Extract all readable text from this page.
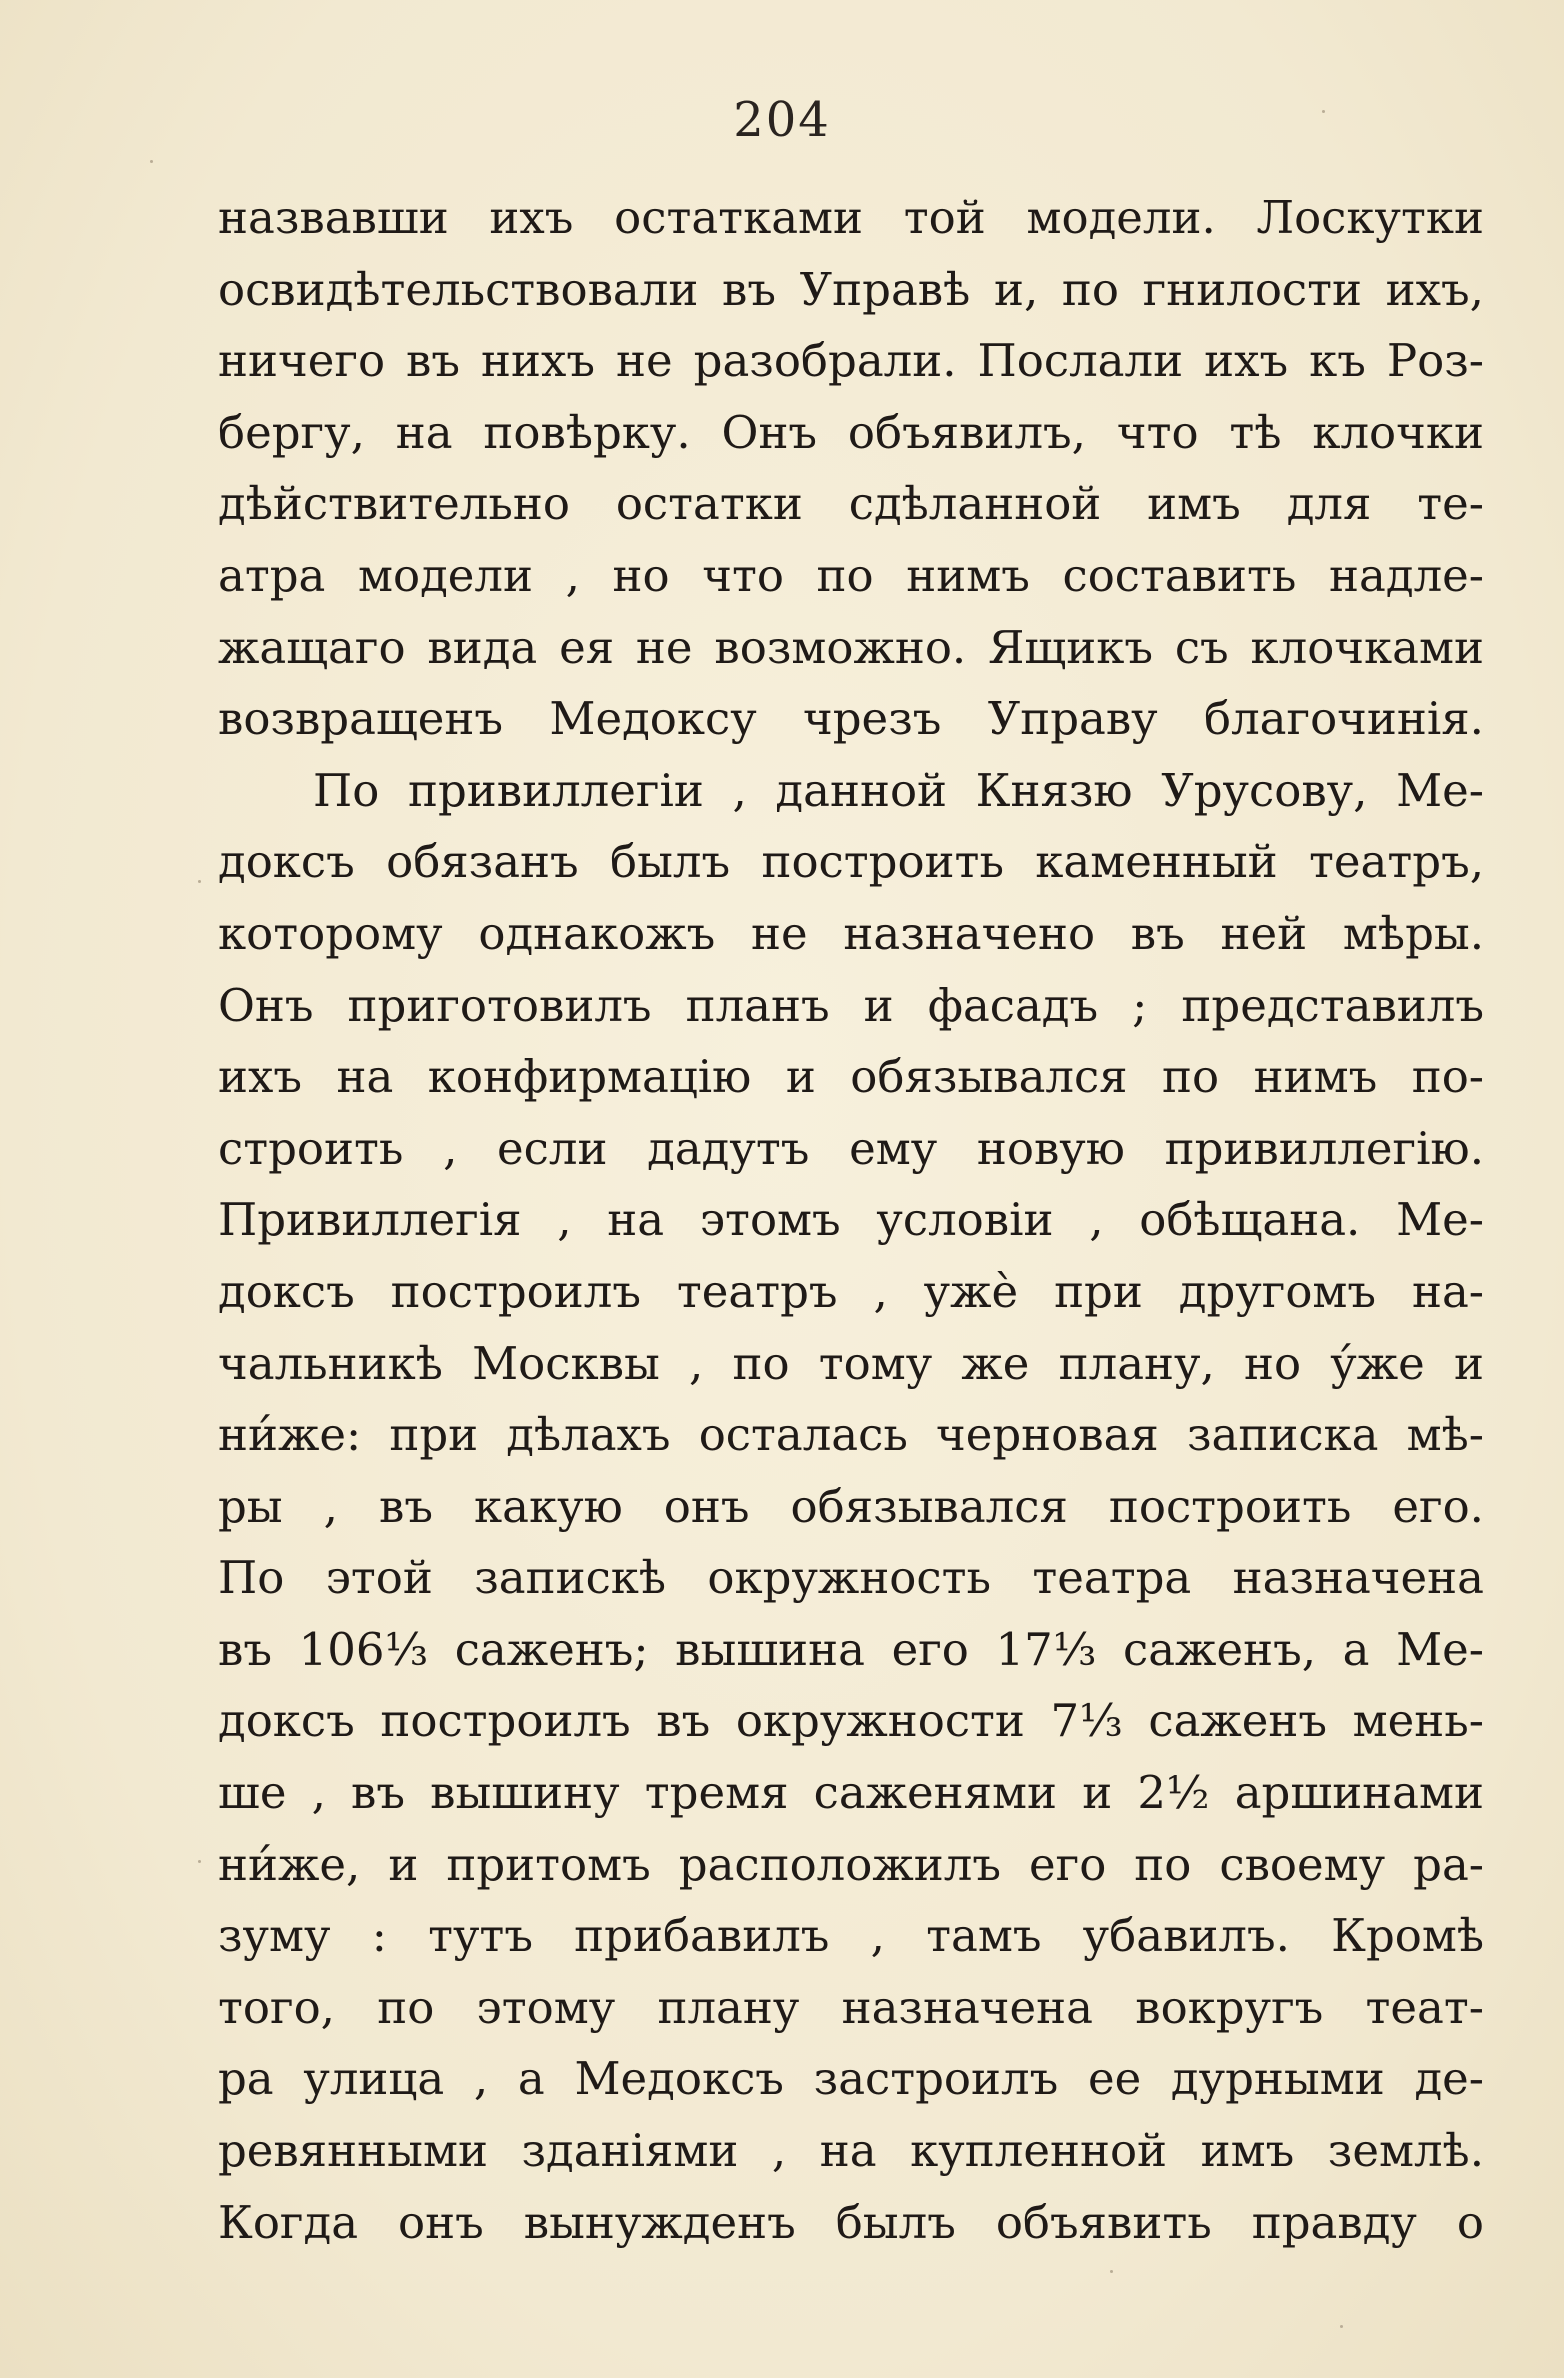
204
назвавши ихъ остатками той модели. Лоскутки
освидѣтельствовали въ Управѣ и, по гнилости ихъ,
ничего въ нихъ не разобрали. Послали ихъ къ Роз-
бергу, на повѣрку. Онъ объявилъ, что тѣ клочки
дѣйствительно остатки сдѣланной имъ для те-
атра модели , но что по нимъ составить надле-
жащаго вида ея не возможно. Ящикъ съ клочками
возвращенъ Медоксу чрезъ Управу благочинія.
По привиллегіи , данной Князю Урусову, Ме-
доксъ обязанъ былъ построить каменный театръ,
которому однакожъ не назначено въ ней мѣры.
Онъ приготовилъ планъ и фасадъ ; представилъ
ихъ на конфирмацію и обязывался по нимъ по-
строить , если дадутъ ему новую привиллегію.
Привиллегія , на этомъ условіи , обѣщана. Ме-
доксъ построилъ театръ , ужè при другомъ на-
чальникѣ Москвы , по тому же плану, но у́же и
ни́же: при дѣлахъ осталась черновая записка мѣ-
ры , въ какую онъ обязывался построить его.
По этой запискѣ окружность театра назначена
въ 106⅓ саженъ; вышина его 17⅓ саженъ, а Ме-
доксъ построилъ въ окружности 7⅓ саженъ мень-
ше , въ вышину тремя саженями и 2½ аршинами
ни́же, и притомъ расположилъ его по своему ра-
зуму : тутъ прибавилъ , тамъ убавилъ. Кромѣ
того, по этому плану назначена вокругъ теат-
ра улица , а Медоксъ застроилъ ее дурными де-
ревянными зданіями , на купленной имъ землѣ.
Когда онъ вынужденъ былъ объявить правду о
